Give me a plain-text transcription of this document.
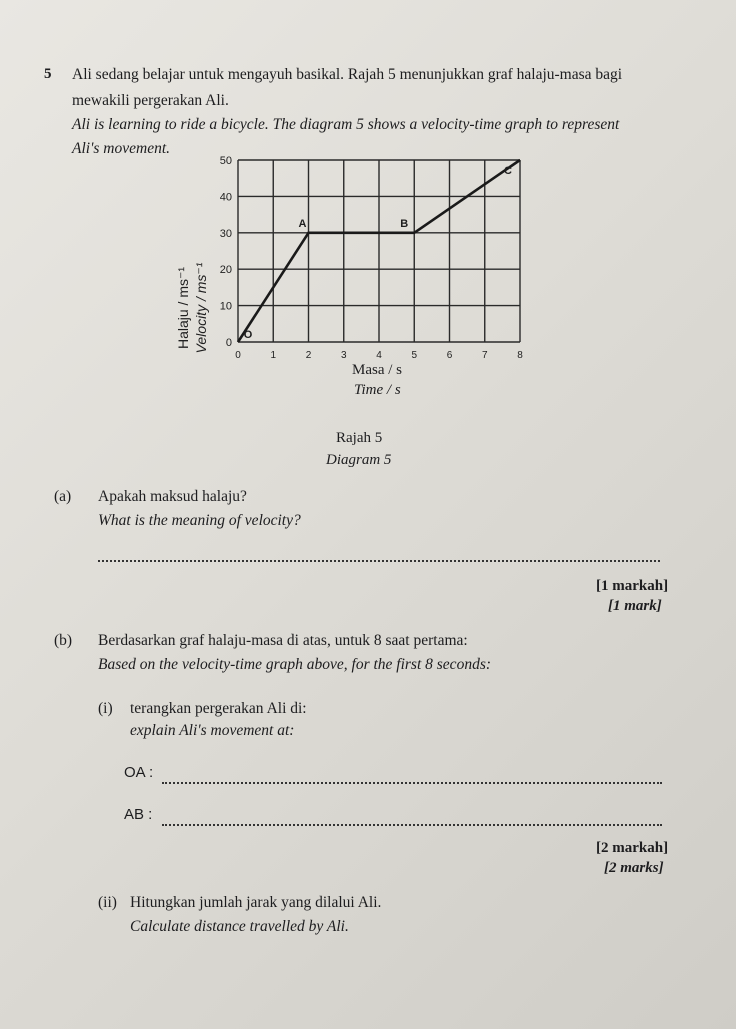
5 Ali sedang belajar untuk mengayuh basikal. Rajah 5 menunjukkan graf halaju-masa bagi
mewakili pergerakan Ali.
Ali is learning to ride a bicycle. The diagram 5 shows a velocity-time graph to represent
Ali's movement.
0
10
20
30
40
50
0	1	2	3	4	5	6	7	8
O
A	B
C
Halaju / ms⁻¹ Velocity / ms⁻¹
Masa / s
Time / s
Rajah 5
Diagram 5
(a) Apakah maksud halaju?
What is the meaning of velocity?
[1 markah]
[1 mark]
(b) Berdasarkan graf halaju-masa di atas, untuk 8 saat pertama:
Based on the velocity-time graph above, for the first 8 seconds:
(i) terangkan pergerakan Ali di:
explain Ali's movement at:
OA :
AB :
[2 markah]
[2 marks]
(ii) Hitungkan jumlah jarak yang dilalui Ali.
Calculate distance travelled by Ali.
